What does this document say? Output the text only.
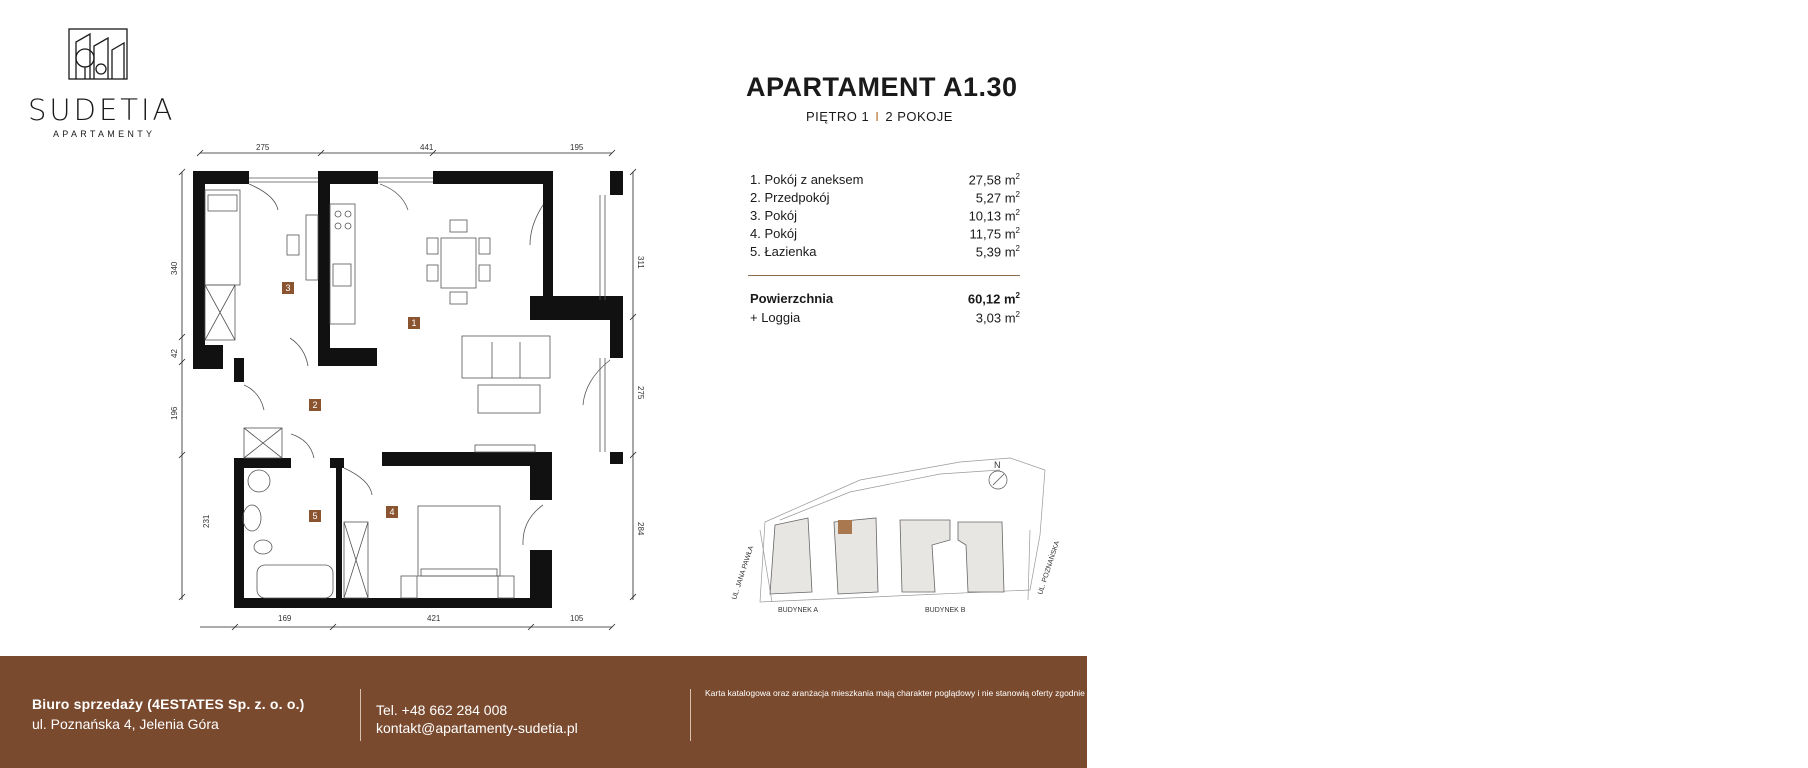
SUDETIA
APARTAMENTY
APARTAMENT A1.30
PIĘTRO 1 I 2 POKOJE
1. Pokój z aneksem	27,58 $m^2$
2. Przedpokój	5,27 $m^2$
3. Pokój	10,13 $m^2$
4. Pokój	11,75 $m^2$
5. Łazienka	5,39 $m^2$
Powierzchnia	60,12 $m^2$
+ Loggia	3,03 $m^2$
275	441	195
169	421	105
340
42
196
231
311
275
284
1
2
3
4
5
N
BUDYNEK A	BUDYNEK B
UL. JANA PAWŁA	UL. POZNAŃSKA
Biuro sprzedaży (4ESTATES Sp. z. o. o.)
ul. Poznańska 4, Jelenia Góra
Tel. +48 662 284 008
kontakt@apartamenty-sudetia.pl
Karta katalogowa oraz aranżacja mieszkania mają charakter poglądowy i nie stanowią oferty zgodnie z zasadami KC. Powierzchnie wskazano zgodnie z normą PN ISO 9836: 2015-12 na podstawie projektu budowlanego. Na etapie realizacji prac budowlanych mogą wystąpić niewielkie zmiany.
